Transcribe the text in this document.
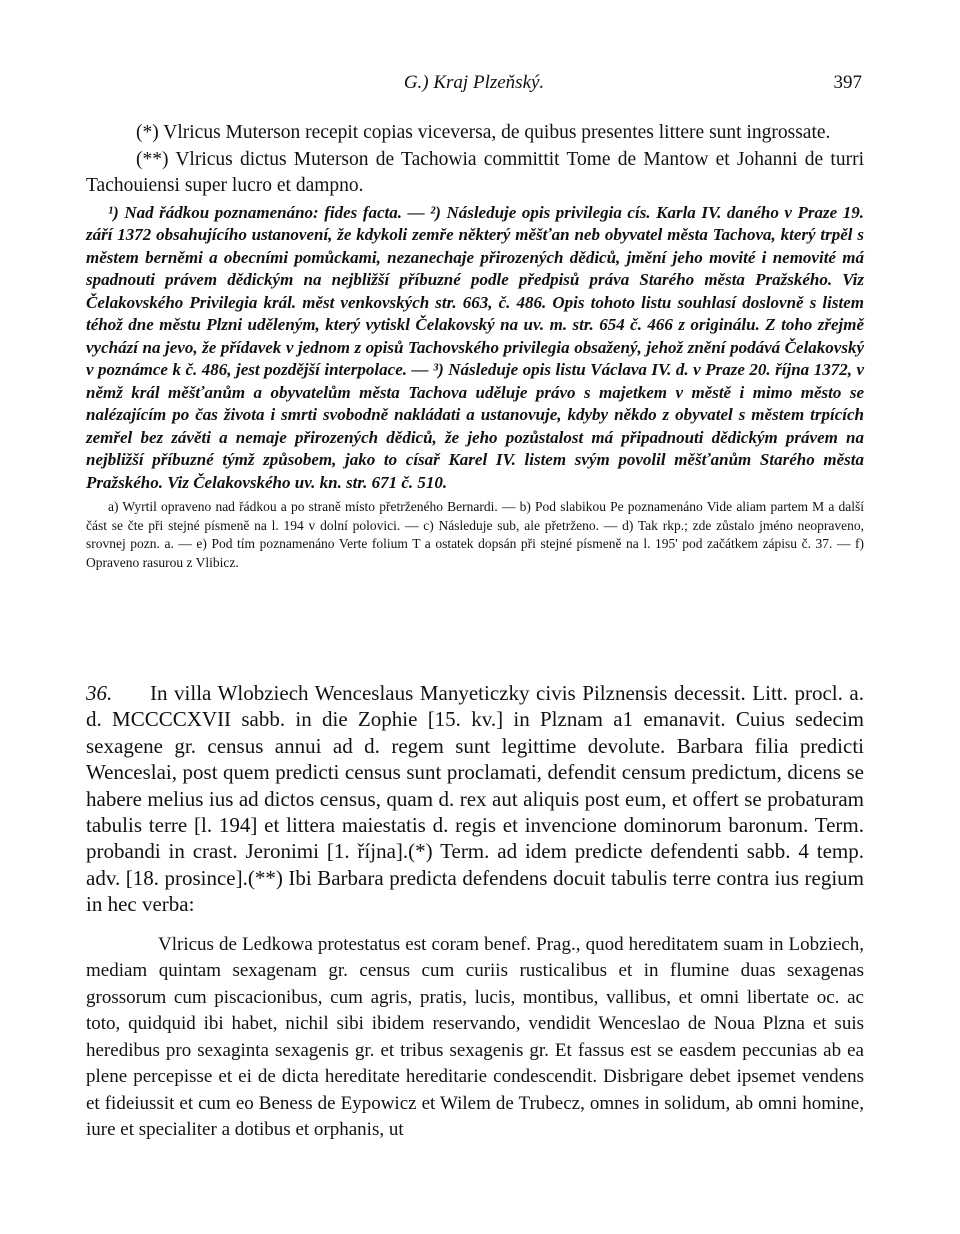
G.) Kraj Plzeňský.	397

(*) Vlricus Muterson recepit copias viceversa, de quibus presentes littere sunt ingrossate.

(**) Vlricus dictus Muterson de Tachowia committit Tome de Mantow et Johanni de turri Tachouiensi super lucro et dampno.

¹) Nad řádkou poznamenáno: fides facta. — ²) Následuje opis privilegia cís. Karla IV. daného v Praze 19. září 1372 obsahujícího ustanovení, že kdykoli zemře některý měšťan neb obyvatel města Tachova, který trpěl s městem berněmi a obecními pomůckami, nezanechaje přirozených dědiců, jmění jeho movité i nemovité má spadnouti právem dědickým na nejbližší příbuzné podle předpisů práva Starého města Pražského. Viz Čelakovského Privilegia král. měst venkovských str. 663, č. 486. Opis tohoto listu souhlasí doslovně s listem téhož dne městu Plzni uděleným, který vytiskl Čelakovský na uv. m. str. 654 č. 466 z originálu. Z toho zřejmě vychází na jevo, že přídavek v jednom z opisů Tachovského privilegia obsažený, jehož znění podává Čelakovský v poznámce k č. 486, jest pozdější interpolace. — ³) Následuje opis listu Václava IV. d. v Praze 20. října 1372, v němž král měšťanům a obyvatelům města Tachova uděluje právo s majetkem v městě i mimo město se nalézajícím po čas života i smrti svobodně nakládati a ustanovuje, kdyby někdo z obyvatel s městem trpících zemřel bez závěti a nemaje přirozených dědiců, že jeho pozůstalost má připadnouti dědickým právem na nejbližší příbuzné týmž způsobem, jako to císař Karel IV. listem svým povolil měšťanům Starého města Pražského. Viz Čelakovského uv. kn. str. 671 č. 510.

a) Wyrtil opraveno nad řádkou a po straně místo přetrženého Bernardi. — b) Pod slabikou Pe poznamenáno Vide aliam partem M a další část se čte při stejné písmeně na l. 194 v dolní polovici. — c) Následuje sub, ale přetrženo. — d) Tak rkp.; zde zůstalo jméno neopraveno, srovnej pozn. a. — e) Pod tím poznamenáno Verte folium T a ostatek dopsán při stejné písmeně na l. 195' pod začátkem zápisu č. 37. — f) Opraveno rasurou z Vlibicz.

36. In villa Wlobziech Wenceslaus Manyeticzky civis Pilznensis decessit. Litt. procl. a. d. MCCCCXVII sabb. in die Zophie [15. kv.] in Plznam a1 emanavit. Cuius sedecim sexagene gr. census annui ad d. regem sunt legittime devolute. Barbara filia predicti Wenceslai, post quem predicti census sunt proclamati, defendit censum predictum, dicens se habere melius ius ad dictos census, quam d. rex aut aliquis post eum, et offert se probaturam tabulis terre [l. 194] et littera maiestatis d. regis et invencione dominorum baronum. Term. probandi in crast. Jeronimi [1. října].(*) Term. ad idem predicte defendenti sabb. 4 temp. adv. [18. prosince].(**) Ibi Barbara predicta defendens docuit tabulis terre contra ius regium in hec verba:

Vlricus de Ledkowa protestatus est coram benef. Prag., quod hereditatem suam in Lobziech, mediam quintam sexagenam gr. census cum curiis rusticalibus et in flumine duas sexagenas grossorum cum piscacionibus, cum agris, pratis, lucis, montibus, vallibus, et omni libertate oc. ac toto, quidquid ibi habet, nichil sibi ibidem reservando, vendidit Wenceslao de Noua Plzna et suis heredibus pro sexaginta sexagenis gr. et tribus sexagenis gr. Et fassus est se easdem peccunias ab ea plene percepisse et ei de dicta hereditate hereditarie condescendit. Disbrigare debet ipsemet vendens et fideiussit et cum eo Beness de Eypowicz et Wilem de Trubecz, omnes in solidum, ab omni homine, iure et specialiter a dotibus et orphanis, ut
